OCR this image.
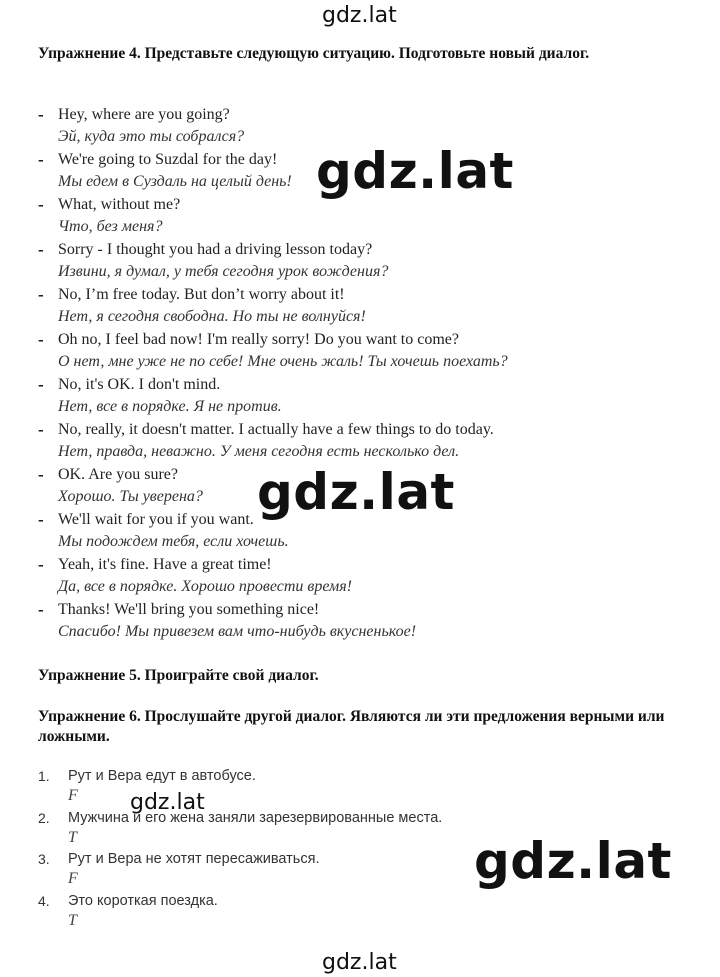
Упражнение 4. Представьте следующую ситуацию. Подготовьте новый диалог.
- Hey, where are you going?
Эй, куда это ты собрался?
- We're going to Suzdal for the day!
Мы едем в Суздаль на целый день!
- What, without me?
Что, без меня?
- Sorry - I thought you had a driving lesson today?
Извини, я думал, у тебя сегодня урок вождения?
- No, I’m free today. But don’t worry about it!
Нет, я сегодня свободна. Но ты не волнуйся!
- Oh no, I feel bad now! I'm really sorry! Do you want to come?
О нет, мне уже не по себе! Мне очень жаль! Ты хочешь поехать?
- No, it's OK. I don't mind.
Нет, все в порядке. Я не против.
- No, really, it doesn't matter. I actually have a few things to do today.
Нет, правда, неважно. У меня сегодня есть несколько дел.
- OK. Are you sure?
Хорошо. Ты уверена?
- We'll wait for you if you want.
Мы подождем тебя, если хочешь.
- Yeah, it's fine. Have a great time!
Да, все в порядке. Хорошо провести время!
- Thanks! We'll bring you something nice!
Спасибо! Мы привезем вам что-нибудь вкусненькое!
Упражнение 5. Проиграйте свой диалог.
Упражнение 6. Прослушайте другой диалог. Являются ли эти предложения верными или ложными.
1. Рут и Вера едут в автобусе.
F
2. Мужчина и его жена заняли зарезервированные места.
T
3. Рут и Вера не хотят пересаживаться.
F
4. Это короткая поездка.
T
gdz.lat
gdz.lat
gdz.lat
gdz.lat
gdz.lat
gdz.lat
